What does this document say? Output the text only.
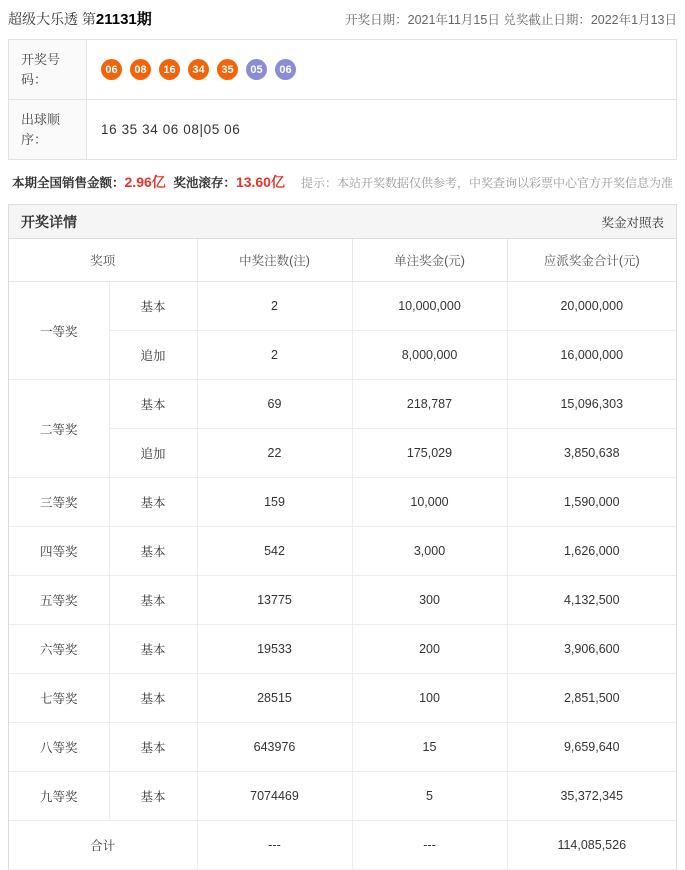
超级大乐透 第21131期	开奖日期：2021年11月15日 兑奖截止日期：2022年1月13日
开奖号码：	
06	08	16	34	35	05	06

出球顺序：	16 35 34 06 08|05 06
本期全国销售金额： 2.96亿 奖池滚存： 13.60亿 提示：本站开奖数据仅供参考，中奖查询以彩票中心官方开奖信息为准
开奖详情	奖金对照表
奖项		中奖注数(注)	单注奖金(元)	应派奖金合计(元)
一等奖	基本	2	10,000,000	20,000,000
	追加	2	8,000,000	16,000,000
二等奖	基本	69	218,787	15,096,303
	追加	22	175,029	3,850,638
三等奖	基本	159	10,000	1,590,000
四等奖	基本	542	3,000	1,626,000
五等奖	基本	13775	300	4,132,500
六等奖	基本	19533	200	3,906,600
七等奖	基本	28515	100	2,851,500
八等奖	基本	643976	15	9,659,640
九等奖	基本	7074469	5	35,372,345
合计		---	---	114,085,526
